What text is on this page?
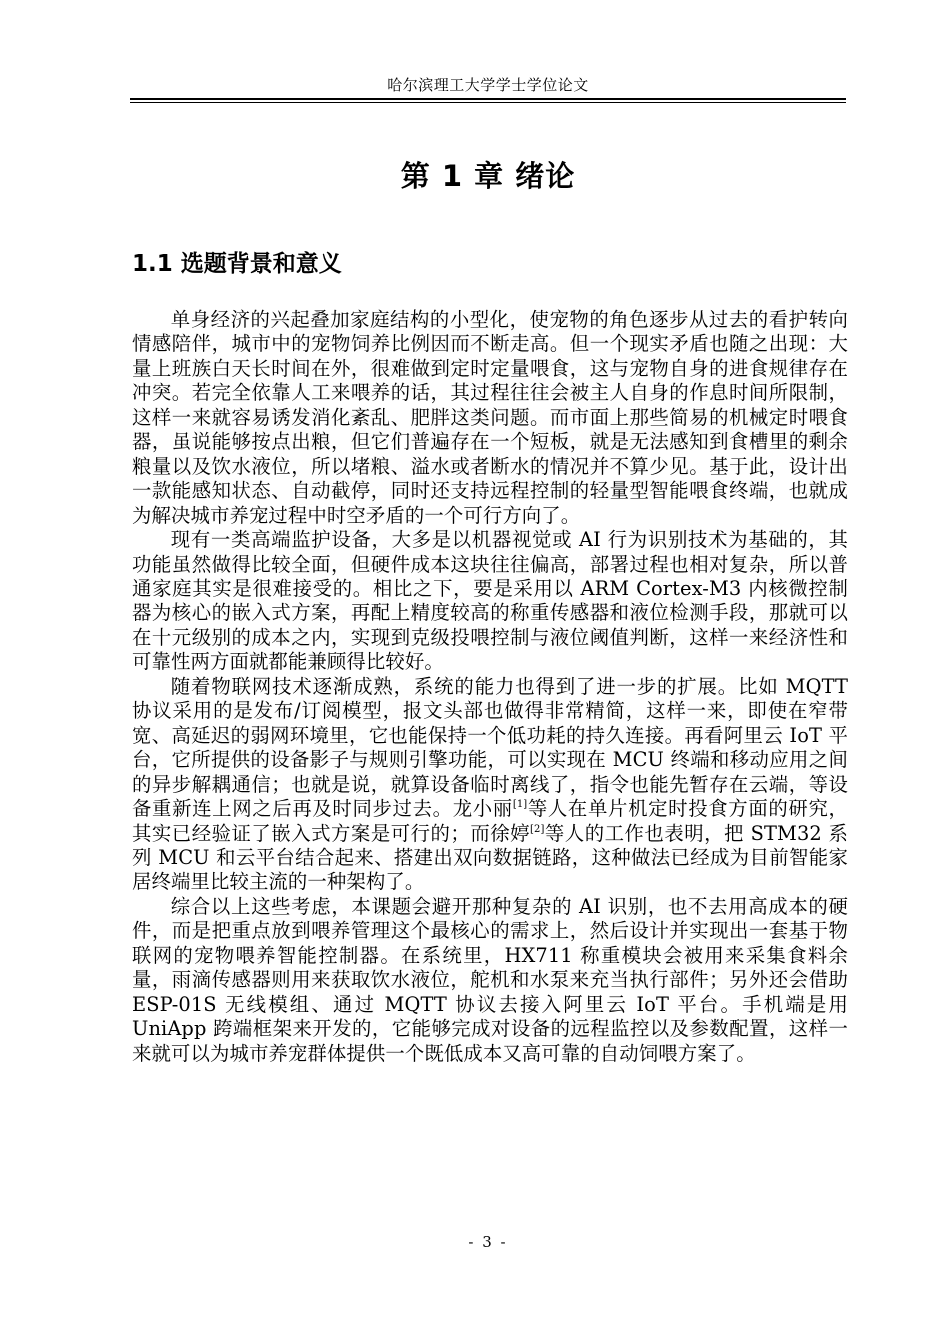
哈尔滨理工大学学士学位论文
第 1 章 绪论
1.1 选题背景和意义

单身经济的兴起叠加家庭结构的小型化，使宠物的角色逐步从过去的看护转向情感陪伴，城市中的宠物饲养比例因而不断走高。但一个现实矛盾也随之出现：大量上班族白天长时间在外，很难做到定时定量喂食，这与宠物自身的进食规律存在冲突。若完全依靠人工来喂养的话，其过程往往会被主人自身的作息时间所限制，这样一来就容易诱发消化紊乱、肥胖这类问题。而市面上那些简易的机械定时喂食器，虽说能够按点出粮，但它们普遍存在一个短板，就是无法感知到食槽里的剩余粮量以及饮水液位，所以堵粮、溢水或者断水的情况并不算少见。基于此，设计出一款能感知状态、自动截停，同时还支持远程控制的轻量型智能喂食终端，也就成为解决城市养宠过程中时空矛盾的一个可行方向了。

现有一类高端监护设备，大多是以机器视觉或 AI 行为识别技术为基础的，其功能虽然做得比较全面，但硬件成本这块往往偏高，部署过程也相对复杂，所以普通家庭其实是很难接受的。相比之下，要是采用以 ARM Cortex-M3 内核微控制器为核心的嵌入式方案，再配上精度较高的称重传感器和液位检测手段，那就可以在十元级别的成本之内，实现到克级投喂控制与液位阈值判断，这样一来经济性和可靠性两方面就都能兼顾得比较好。

随着物联网技术逐渐成熟，系统的能力也得到了进一步的扩展。比如 MQTT 协议采用的是发布/订阅模型，报文头部也做得非常精简，这样一来，即使在窄带宽、高延迟的弱网环境里，它也能保持一个低功耗的持久连接。再看阿里云 IoT 平台，它所提供的设备影子与规则引擎功能，可以实现在 MCU 终端和移动应用之间的异步解耦通信；也就是说，就算设备临时离线了，指令也能先暂存在云端，等设备重新连上网之后再及时同步过去。龙小丽[1]等人在单片机定时投食方面的研究，其实已经验证了嵌入式方案是可行的；而徐婷[2]等人的工作也表明，把 STM32 系列 MCU 和云平台结合起来、搭建出双向数据链路，这种做法已经成为目前智能家居终端里比较主流的一种架构了。

综合以上这些考虑，本课题会避开那种复杂的 AI 识别，也不去用高成本的硬件，而是把重点放到喂养管理这个最核心的需求上，然后设计并实现出一套基于物联网的宠物喂养智能控制器。在系统里，HX711 称重模块会被用来采集食料余量，雨滴传感器则用来获取饮水液位，舵机和水泵来充当执行部件；另外还会借助 ESP-01S 无线模组、通过 MQTT 协议去接入阿里云 IoT 平台。手机端是用 UniApp 跨端框架来开发的，它能够完成对设备的远程监控以及参数配置，这样一来就可以为城市养宠群体提供一个既低成本又高可靠的自动饲喂方案了。

- 3 -
